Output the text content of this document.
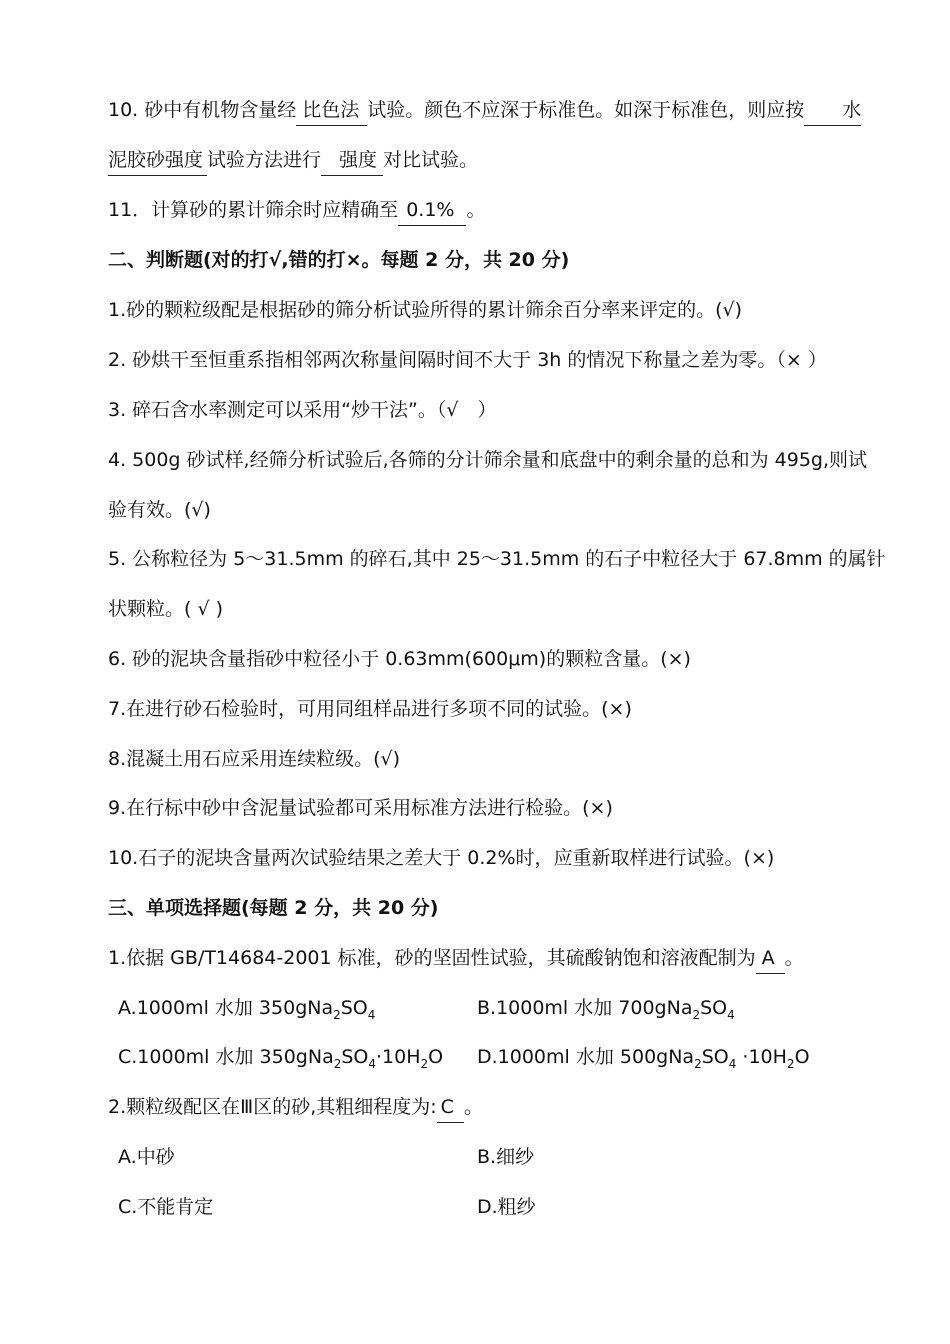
10. 砂中有机物含量经 比色法 试验。颜色不应深于标准色。如深于标准色，则应按 水
泥胶砂强度 试验方法进行 强度 对比试验。
11．计算砂的累计筛余时应精确至 0.1% 。
二、判断题(对的打√,错的打×。每题 2 分，共 20 分)
1.砂的颗粒级配是根据砂的筛分析试验所得的累计筛余百分率来评定的。(√)
2. 砂烘干至恒重系指相邻两次称量间隔时间不大于 3h 的情况下称量之差为零。（× ）
3. 碎石含水率测定可以采用“炒干法”。（√　）
4. 500g 砂试样,经筛分析试验后,各筛的分计筛余量和底盘中的剩余量的总和为 495g,则试
验有效。(√)
5. 公称粒径为 5～31.5mm 的碎石,其中 25～31.5mm 的石子中粒径大于 67.8mm 的属针
状颗粒。( √ )
6. 砂的泥块含量指砂中粒径小于 0.63mm(600μm)的颗粒含量。(×)
7.在进行砂石检验时，可用同组样品进行多项不同的试验。(×)
8.混凝土用石应采用连续粒级。(√)
9.在行标中砂中含泥量试验都可采用标准方法进行检验。(×)
10.石子的泥块含量两次试验结果之差大于 0.2%时，应重新取样进行试验。(×)
三、单项选择题(每题 2 分，共 20 分)
1.依据 GB/T14684-2001 标准，砂的坚固性试验，其硫酸钠饱和溶液配制为 A 。
A.1000ml 水加 $350gNa_2SO_4$	B.1000ml 水加 $700gNa_2SO_4$
C.1000ml 水加 $350gNa_2SO_4\cdot 10H_2O$ D.1000ml 水加 $500gNa_2SO_4 \cdot 10H_2O$
2.颗粒级配区在Ⅲ区的砂,其粗细程度为: C 。
A.中砂	B.细纱
C.不能肯定	D.粗纱
